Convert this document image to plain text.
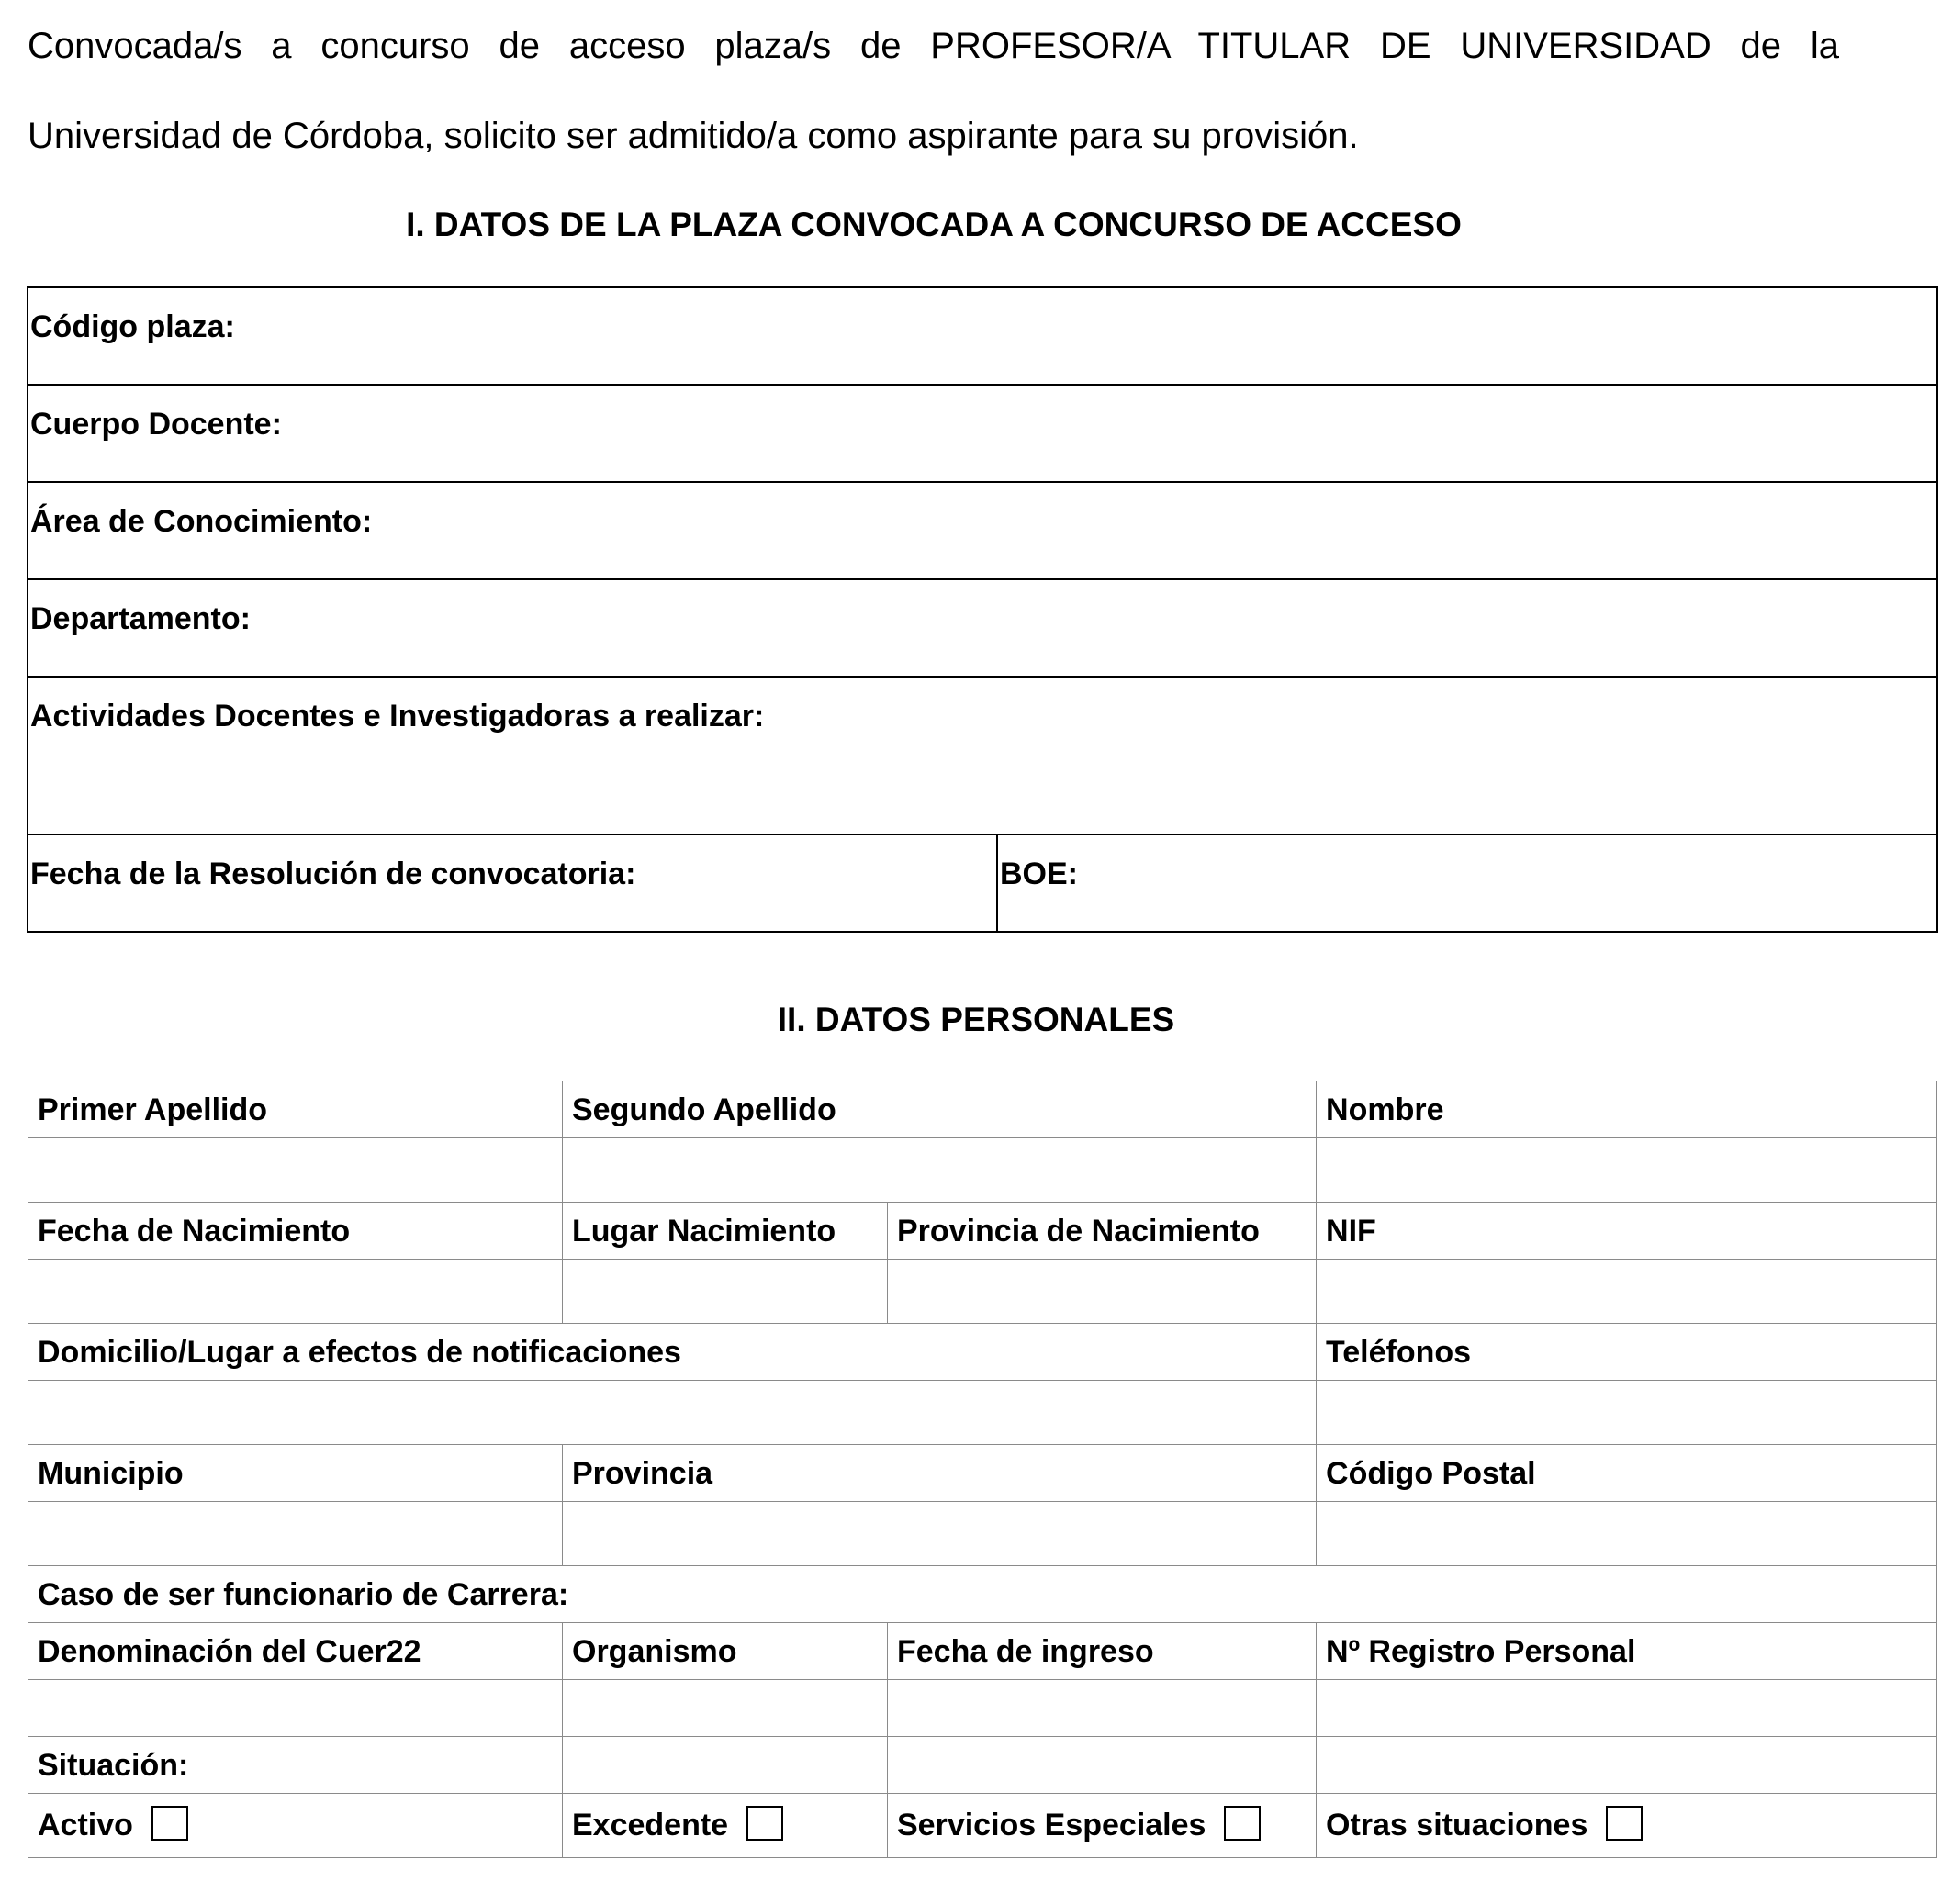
Convocada/s a concurso de acceso plaza/s de PROFESOR/A TITULAR DE UNIVERSIDAD de la
Universidad de Córdoba, solicito ser admitido/a como aspirante para su provisión.
I. DATOS DE LA PLAZA CONVOCADA A CONCURSO DE ACCESO
Código plaza:

Cuerpo Docente:

Área de Conocimiento:

Departamento:

Actividades Docentes e Investigadoras a realizar:

Fecha de la Resolución de convocatoria:	BOE:
II. DATOS PERSONALES
Primer Apellido	Segundo Apellido		Nombre

Fecha de Nacimiento	Lugar Nacimiento	Provincia de Nacimiento	NIF

Domicilio/Lugar a efectos de notificaciones			Teléfonos

Municipio	Provincia		Código Postal

Caso de ser funcionario de Carrera:			
Denominación del Cuer22	Organismo	Fecha de ingreso	Nº Registro Personal

Situación:			
Activo	Excedente	Servicios Especiales	Otras situaciones
